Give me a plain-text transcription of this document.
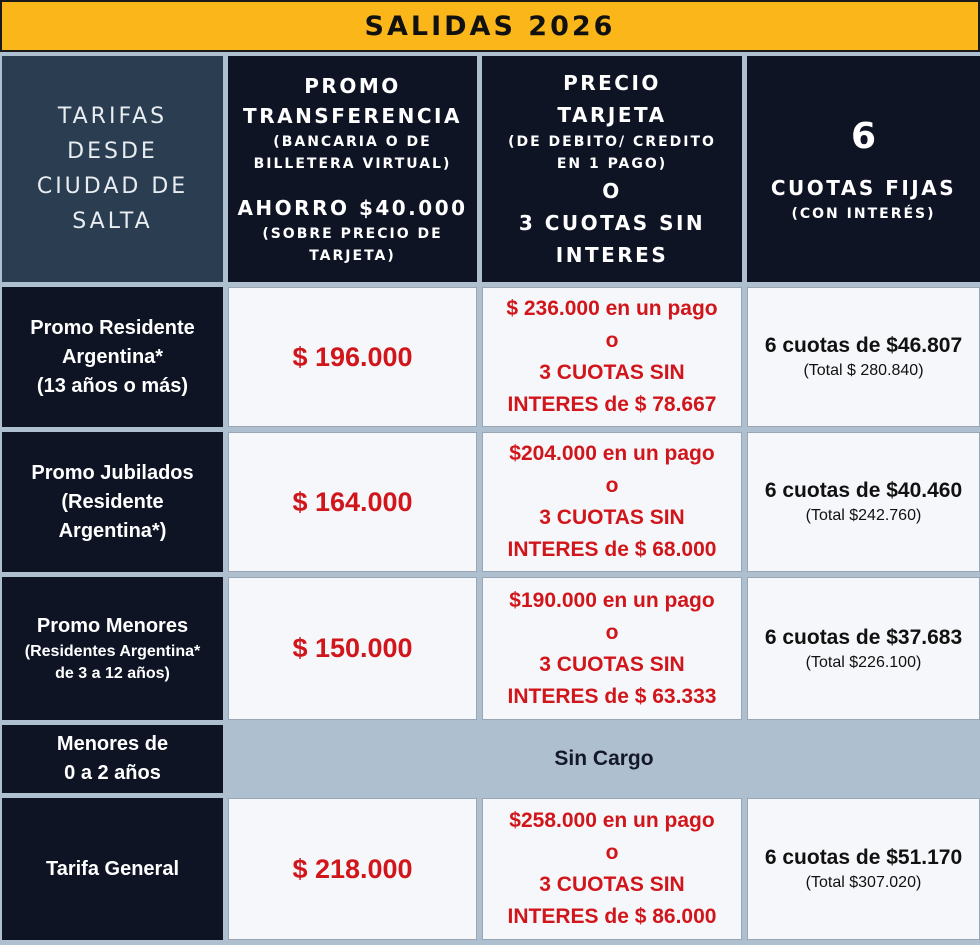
SALIDAS 2026
TARIFAS
DESDE
CIUDAD DE
SALTA
PROMO
TRANSFERENCIA
(BANCARIA O DE
BILLETERA VIRTUAL)
AHORRO $40.000
(SOBRE PRECIO DE
TARJETA)
PRECIO
TARJETA
(DE DEBITO/ CREDITO
EN 1 PAGO)
O
3 CUOTAS SIN
INTERES
6
CUOTAS FIJAS
(CON INTERÉS)
Promo Residente
Argentina*
(13 años o más)
$ 196.000
$ 236.000 en un pago
o
3 CUOTAS SIN
INTERES de $ 78.667
6 cuotas de $46.807
(Total $ 280.840)
Promo Jubilados
(Residente
Argentina*)
$ 164.000
$204.000 en un pago
o
3 CUOTAS SIN
INTERES de $ 68.000
6 cuotas de $40.460
(Total $242.760)
Promo Menores
(Residentes Argentina*
de 3 a 12 años)
$ 150.000
$190.000 en un pago
o
3 CUOTAS SIN
INTERES de $ 63.333
6 cuotas de $37.683
(Total $226.100)
Menores de
0 a 2 años
Sin Cargo
Tarifa General	$ 218.000
$258.000 en un pago
o
3 CUOTAS SIN
INTERES de $ 86.000
6 cuotas de $51.170
(Total $307.020)
